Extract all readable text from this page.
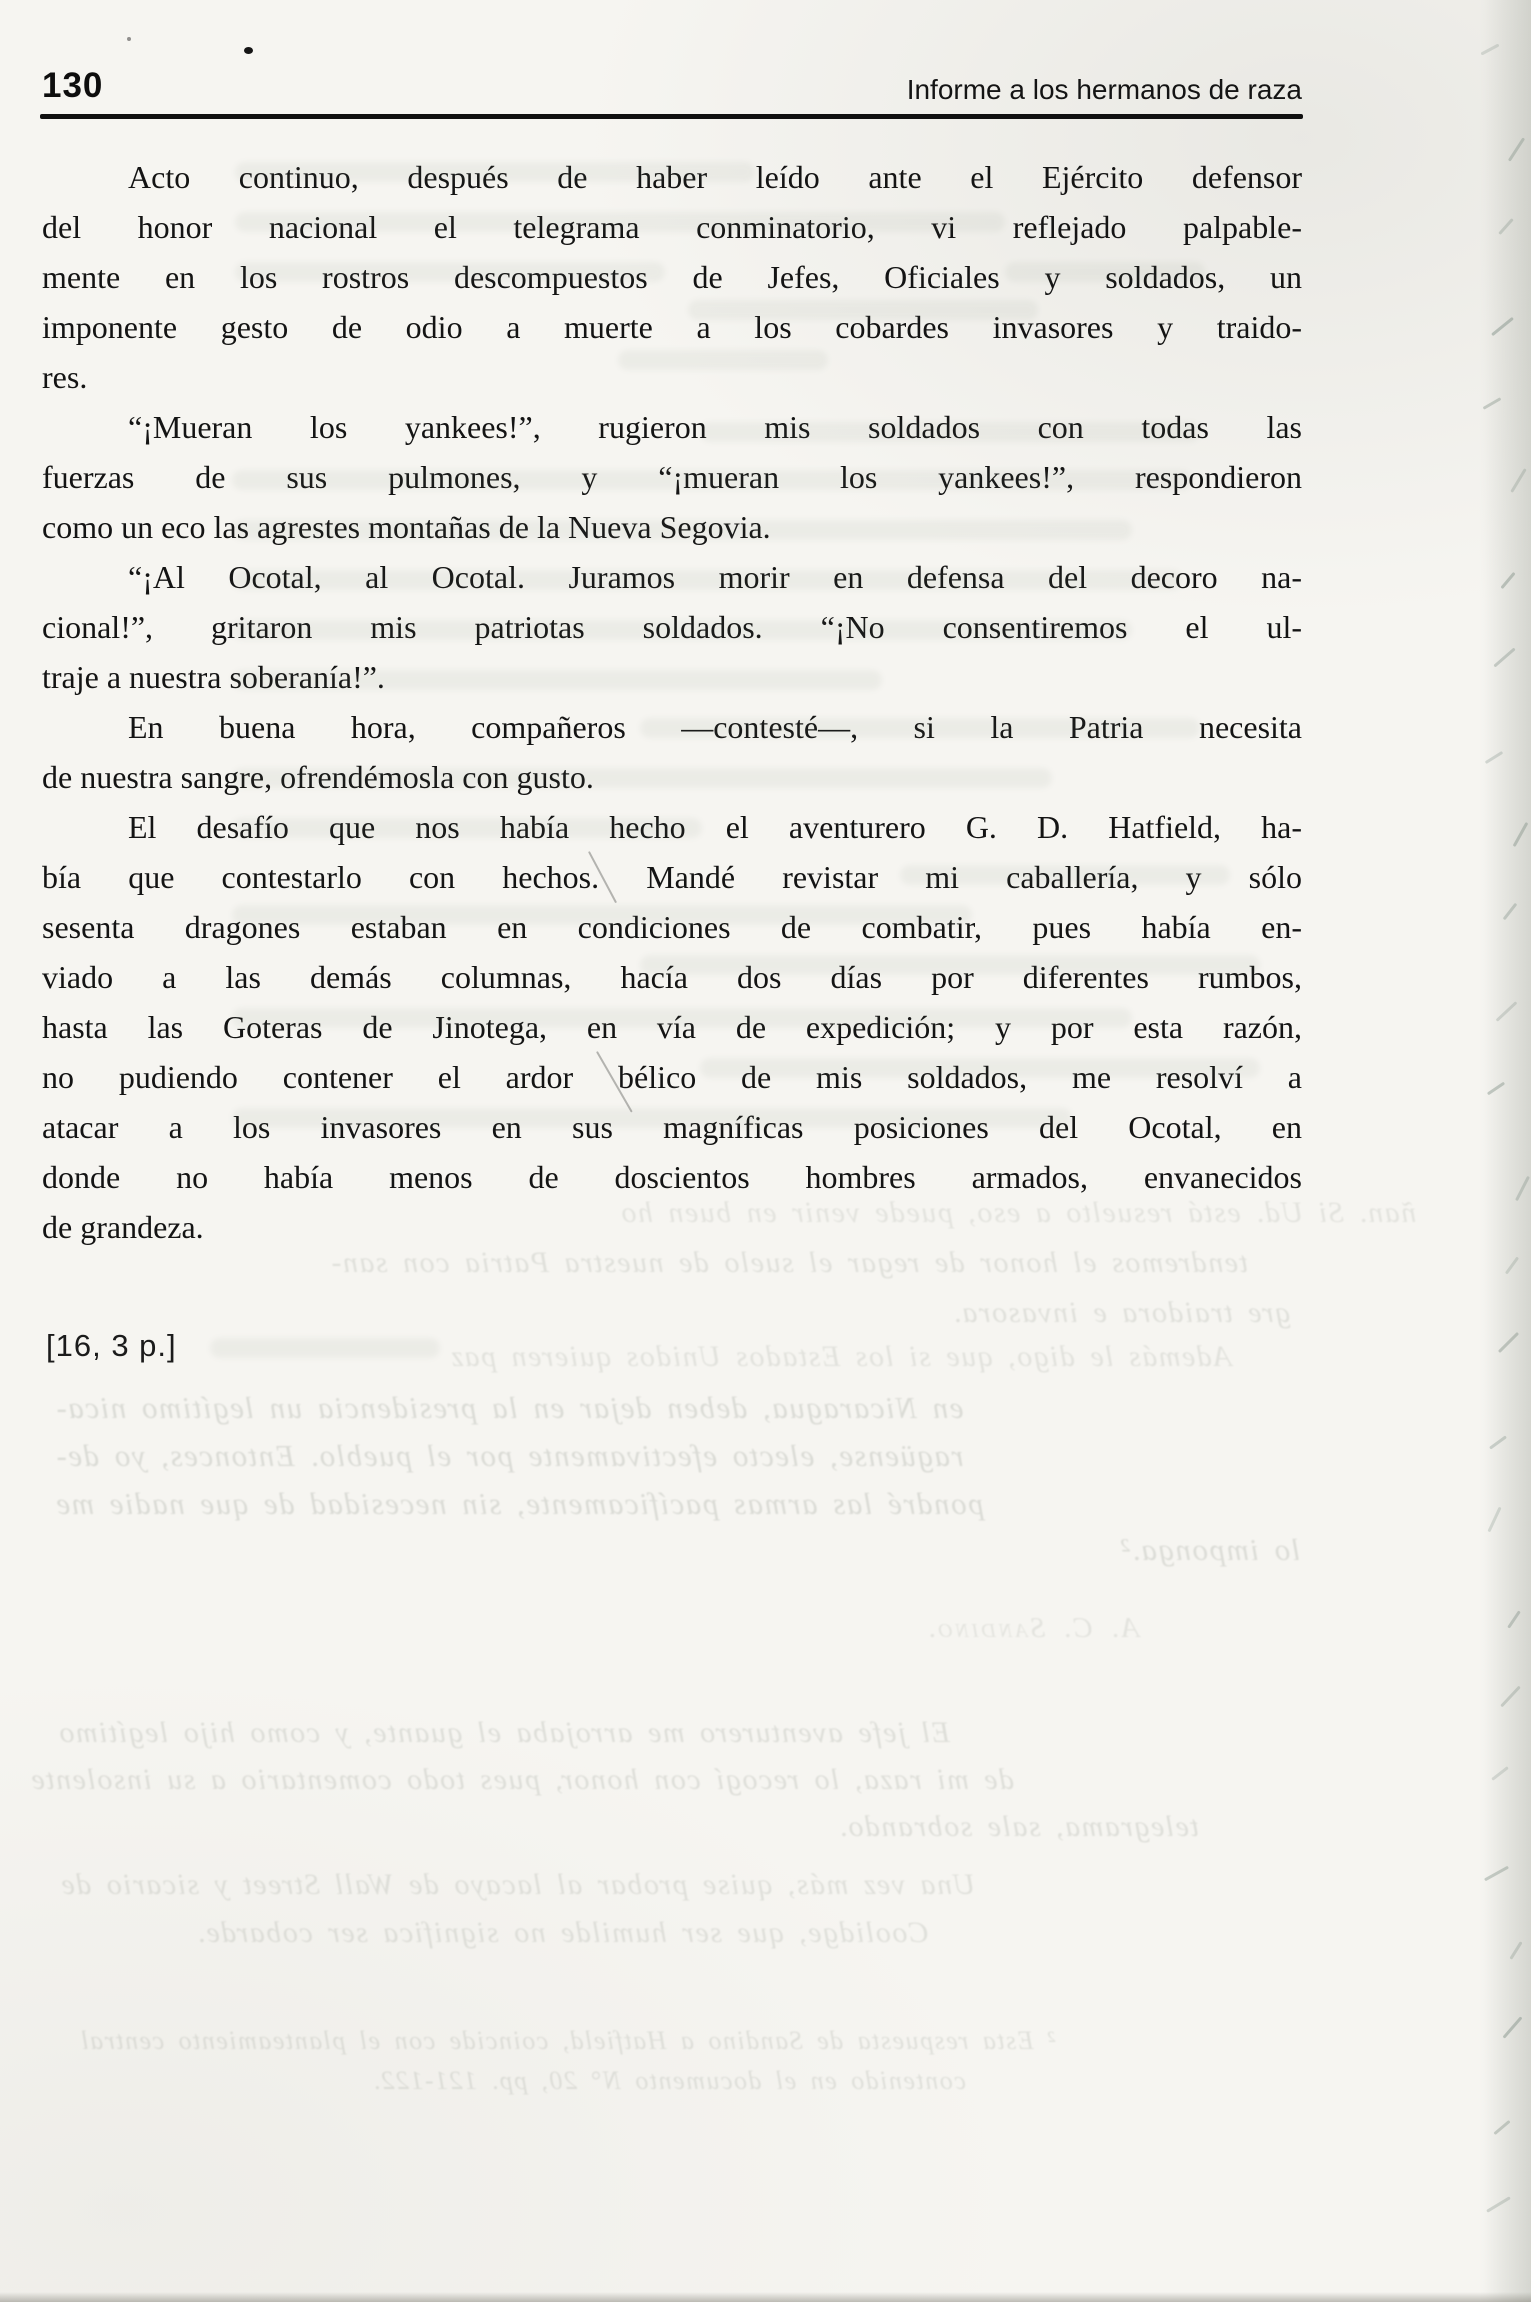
130	Informe a los hermanos de raza
Acto continuo, después de haber leído ante el Ejército defensor
del honor nacional el telegrama conminatorio, vi reflejado palpable-
mente en los rostros descompuestos de Jefes, Oficiales y soldados, un
imponente gesto de odio a muerte a los cobardes invasores y traido-
res.
“¡Mueran los yankees!”, rugieron mis soldados con todas las
fuerzas de sus pulmones, y “¡mueran los yankees!”, respondieron
como un eco las agrestes montañas de la Nueva Segovia.
“¡Al Ocotal, al Ocotal. Juramos morir en defensa del decoro na-
cional!”, gritaron mis patriotas soldados. “¡No consentiremos el ul-
traje a nuestra soberanía!”.
En buena hora, compañeros —contesté—, si la Patria necesita
de nuestra sangre, ofrendémosla con gusto.
El desafío que nos había hecho el aventurero G. D. Hatfield, ha-
bía que contestarlo con hechos. Mandé revistar mi caballería, y sólo
sesenta dragones estaban en condiciones de combatir, pues había en-
viado a las demás columnas, hacía dos días por diferentes rumbos,
hasta las Goteras de Jinotega, en vía de expedición; y por esta razón,
no pudiendo contener el ardor bélico de mis soldados, me resolví a
atacar a los invasores en sus magníficas posiciones del Ocotal, en
donde no había menos de doscientos hombres armados, envanecidos
de grandeza.
[16, 3 p.]
ñan. Si Ud. está resuelto a eso, puede venir en buen ho
tendremos el honor de regar el suelo de nuestra Patria con san-
gre traidora e invasora.
Además le digo, que si los Estados Unidos quieren paz
en Nicaragua, deben dejar en la presidencia un legítimo nica-
ragüense, electo efectivamente por el pueblo. Entonces, yo de-
pondré las armas pacíficamente, sin necesidad de que nadie me
lo imponga.²
A. C. Sandino.
El jefe aventurero me arrojaba el guante, y como hijo legítimo
de mi raza, lo recogí con honor, pues todo comentario a su insolente
telegrama, sale sobrando.
Una vez más, quise probar al lacayo de Wall Street y sicario de
Coolidge, que ser humilde no significa ser cobarde.
² Esta respuesta de Sandino a Hatfield, coincide con el planteamiento central
contenido en el documento N° 20, pp. 121-122.
